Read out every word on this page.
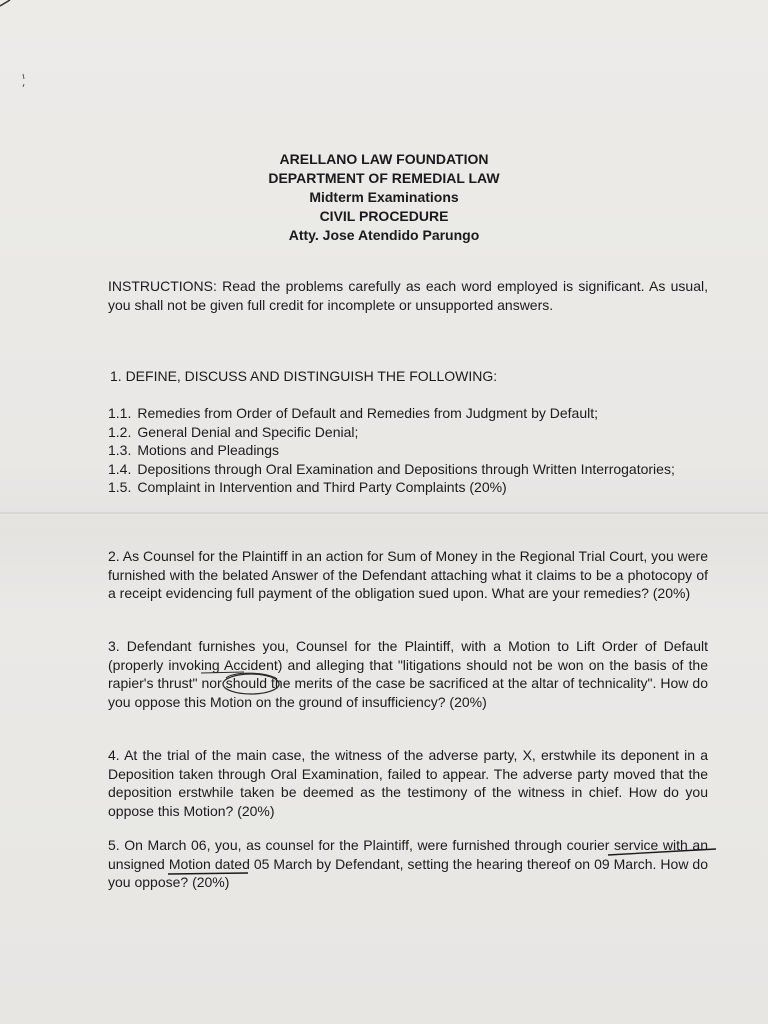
ARELLANO LAW FOUNDATION
DEPARTMENT OF REMEDIAL LAW
Midterm Examinations
CIVIL PROCEDURE
Atty. Jose Atendido Parungo
INSTRUCTIONS: Read the problems carefully as each word employed is significant. As usual, you shall not be given full credit for incomplete or unsupported answers.
1. DEFINE, DISCUSS AND DISTINGUISH THE FOLLOWING:
1.1. Remedies from Order of Default and Remedies from Judgment by Default;
1.2. General Denial and Specific Denial;
1.3. Motions and Pleadings
1.4. Depositions through Oral Examination and Depositions through Written Interrogatories;
1.5. Complaint in Intervention and Third Party Complaints (20%)
2. As Counsel for the Plaintiff in an action for Sum of Money in the Regional Trial Court, you were furnished with the belated Answer of the Defendant attaching what it claims to be a photocopy of a receipt evidencing full payment of the obligation sued upon. What are your remedies? (20%)
3. Defendant furnishes you, Counsel for the Plaintiff, with a Motion to Lift Order of Default (properly invoking Accident) and alleging that "litigations should not be won on the basis of the rapier's thrust" nor should the merits of the case be sacrificed at the altar of technicality". How do you oppose this Motion on the ground of insufficiency? (20%)
4. At the trial of the main case, the witness of the adverse party, X, erstwhile its deponent in a Deposition taken through Oral Examination, failed to appear. The adverse party moved that the deposition erstwhile taken be deemed as the testimony of the witness in chief. How do you oppose this Motion? (20%)
5. On March 06, you, as counsel for the Plaintiff, were furnished through courier service with an unsigned Motion dated 05 March by Defendant, setting the hearing thereof on 09 March. How do you oppose? (20%)
